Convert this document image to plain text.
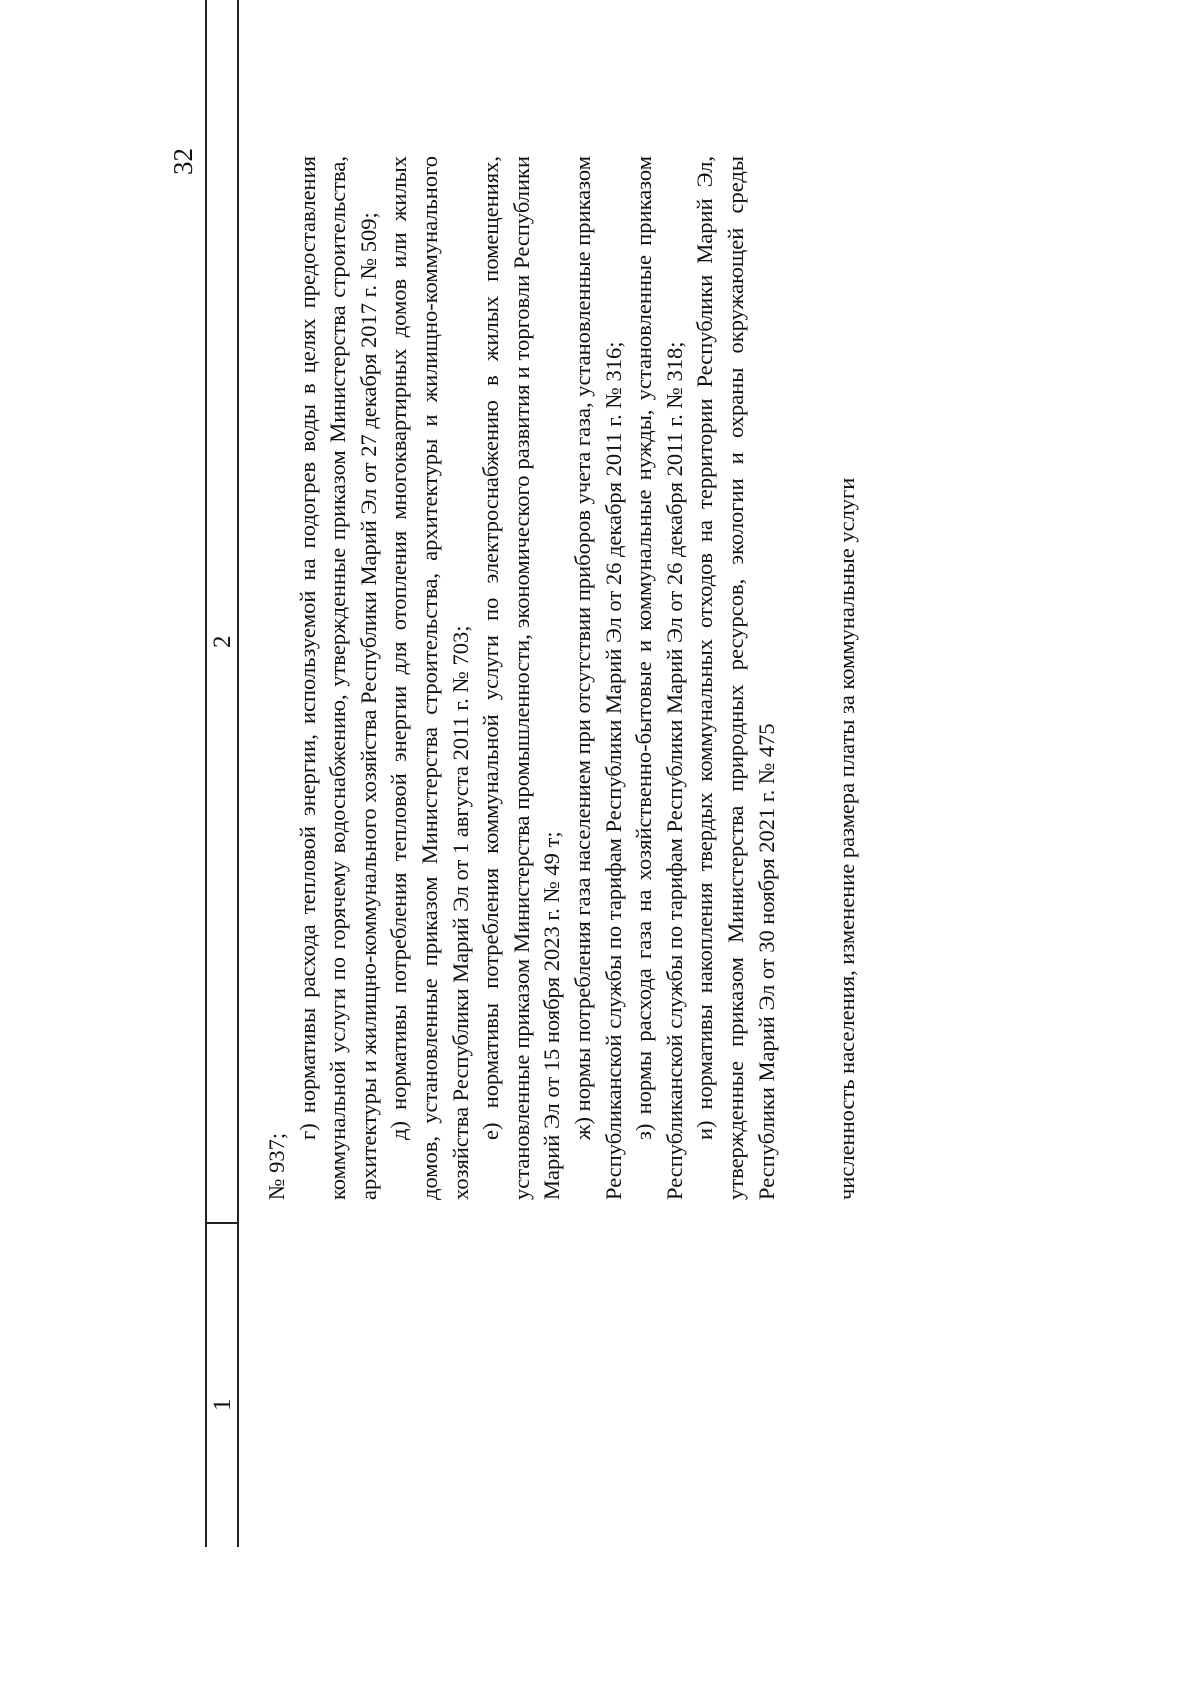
32
1
2

№ 937;

г) нормативы расхода тепловой энергии, используемой на подогрев воды в целях предоставления коммунальной услуги по горячему водоснабжению, утвержденные приказом Министерства строительства, архитектуры и жилищно-коммунального хозяйства Республики Марий Эл от 27 декабря 2017 г. № 509; д) нормативы потребления тепловой энергии для отопления многоквартирных домов или жилых домов, установленные приказом Министерства строительства, архитектуры и жилищно-коммунального хозяйства Республики Марий Эл от 1 августа 2011 г. № 703; е) нормативы потребления коммунальной услуги по электроснабжению в жилых помещениях, установленные приказом Министерства промышленности, экономического развития и торговли Республики Марий Эл от 15 ноября 2023 г. № 49 т; ж) нормы потребления газа населением при отсутствии приборов учета газа, установленные приказом Республиканской службы по тарифам Республики Марий Эл от 26 декабря 2011 г. № 316; з) нормы расхода газа на хозяйственно-бытовые и коммунальные нужды, установленные приказом Республиканской службы по тарифам Республики Марий Эл от 26 декабря 2011 г. № 318; и) нормативы накопления твердых коммунальных отходов на территории Республики Марий Эл, утвержденные приказом Министерства природных ресурсов, экологии и охраны окружающей среды Республики Марий Эл от 30 ноября 2021 г. № 475 численность населения, изменение размера платы за коммунальные услуги
